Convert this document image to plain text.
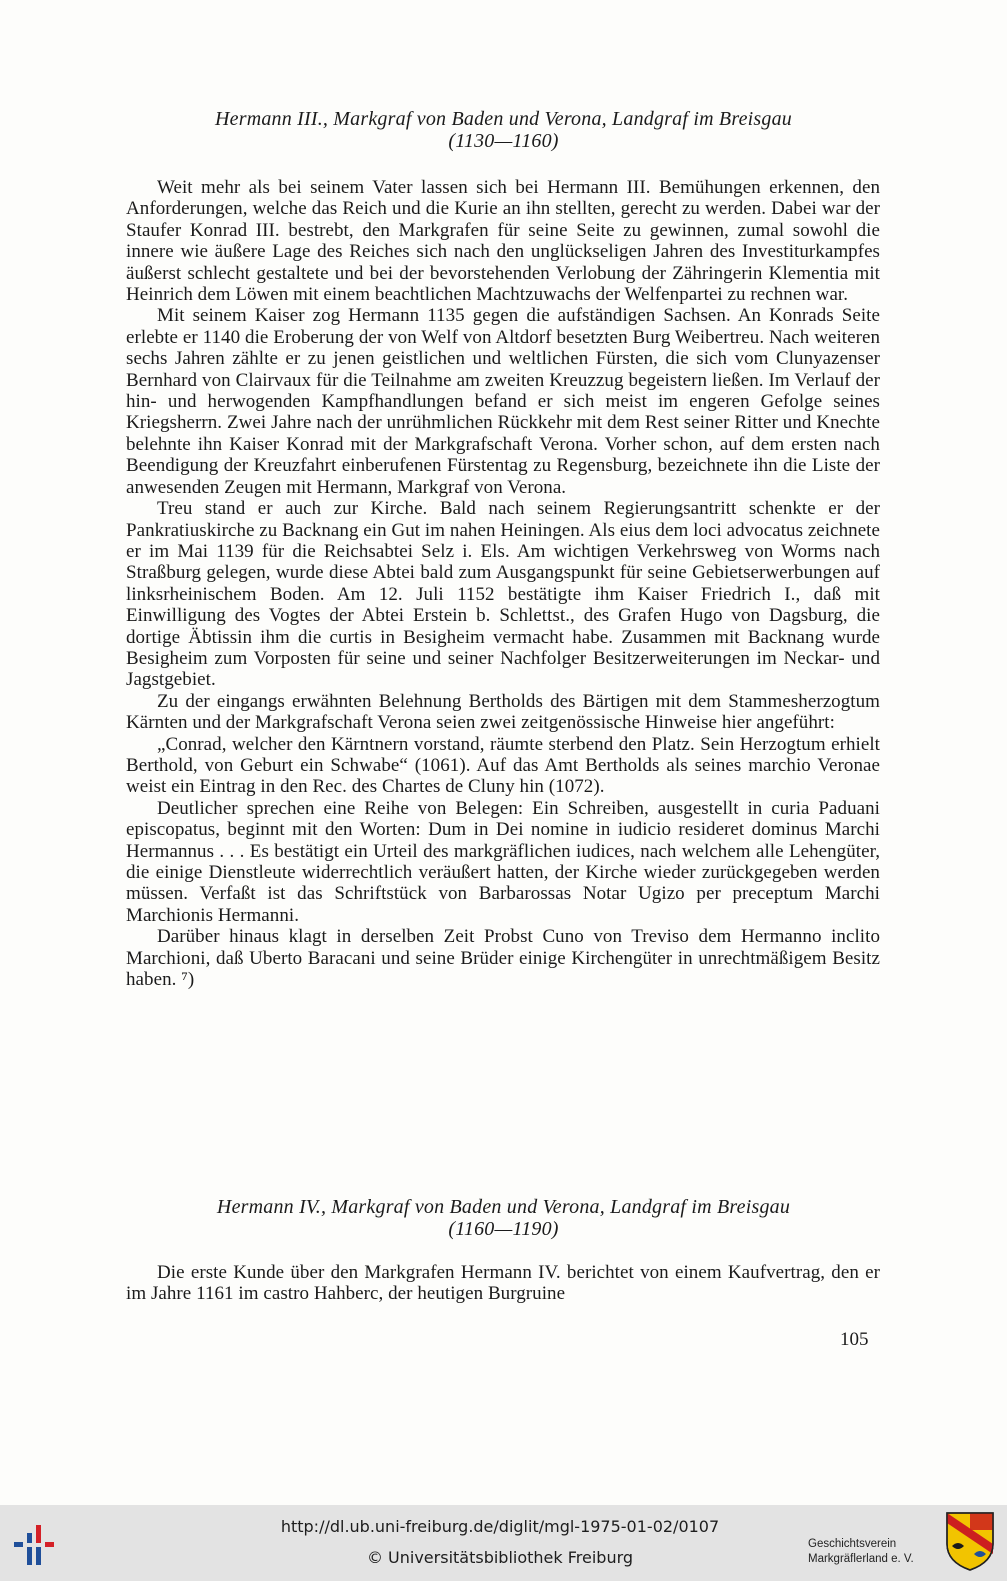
Hermann III., Markgraf von Baden und Verona, Landgraf im Breisgau
(1130—1160)

Weit mehr als bei seinem Vater lassen sich bei Hermann III. Bemühungen erkennen, den Anforderungen, welche das Reich und die Kurie an ihn stellten, gerecht zu werden. Dabei war der Staufer Konrad III. bestrebt, den Markgrafen für seine Seite zu gewinnen, zumal sowohl die innere wie äußere Lage des Reiches sich nach den unglückseligen Jahren des Investiturkampfes äußerst schlecht gestaltete und bei der bevorstehenden Verlobung der Zähringerin Klementia mit Heinrich dem Löwen mit einem beachtlichen Machtzuwachs der Welfenpartei zu rechnen war.

Mit seinem Kaiser zog Hermann 1135 gegen die aufständigen Sachsen. An Konrads Seite erlebte er 1140 die Eroberung der von Welf von Altdorf besetzten Burg Weibertreu. Nach weiteren sechs Jahren zählte er zu jenen geistlichen und weltlichen Fürsten, die sich vom Clunyazenser Bernhard von Clairvaux für die Teilnahme am zweiten Kreuzzug begeistern ließen. Im Verlauf der hin- und herwogenden Kampfhandlungen befand er sich meist im engeren Gefolge seines Kriegsherrn. Zwei Jahre nach der unrühmlichen Rückkehr mit dem Rest seiner Ritter und Knechte belehnte ihn Kaiser Konrad mit der Markgrafschaft Verona. Vorher schon, auf dem ersten nach Beendigung der Kreuzfahrt einberufenen Fürstentag zu Regensburg, bezeichnete ihn die Liste der anwesenden Zeugen mit Hermann, Markgraf von Verona.

Treu stand er auch zur Kirche. Bald nach seinem Regierungsantritt schenkte er der Pankratiuskirche zu Backnang ein Gut im nahen Heiningen. Als eius dem loci advocatus zeichnete er im Mai 1139 für die Reichsabtei Selz i. Els. Am wichtigen Verkehrsweg von Worms nach Straßburg gelegen, wurde diese Abtei bald zum Ausgangspunkt für seine Gebietserwerbungen auf linksrheinischem Boden. Am 12. Juli 1152 bestätigte ihm Kaiser Friedrich I., daß mit Einwilligung des Vogtes der Abtei Erstein b. Schlettst., des Grafen Hugo von Dagsburg, die dortige Äbtissin ihm die curtis in Besigheim vermacht habe. Zusammen mit Backnang wurde Besigheim zum Vorposten für seine und seiner Nachfolger Besitzerweiterungen im Neckar- und Jagstgebiet.

Zu der eingangs erwähnten Belehnung Bertholds des Bärtigen mit dem Stammesherzogtum Kärnten und der Markgrafschaft Verona seien zwei zeitgenössische Hinweise hier angeführt:

„Conrad, welcher den Kärntnern vorstand, räumte sterbend den Platz. Sein Herzogtum erhielt Berthold, von Geburt ein Schwabe“ (1061). Auf das Amt Bertholds als seines marchio Veronae weist ein Eintrag in den Rec. des Chartes de Cluny hin (1072).

Deutlicher sprechen eine Reihe von Belegen: Ein Schreiben, ausgestellt in curia Paduani episcopatus, beginnt mit den Worten: Dum in Dei nomine in iudicio resideret dominus Marchi Hermannus . . . Es bestätigt ein Urteil des markgräflichen iudices, nach welchem alle Lehengüter, die einige Dienstleute widerrechtlich veräußert hatten, der Kirche wieder zurückgegeben werden müssen. Verfaßt ist das Schriftstück von Barbarossas Notar Ugizo per preceptum Marchi Marchionis Hermanni.

Darüber hinaus klagt in derselben Zeit Probst Cuno von Treviso dem Hermanno inclito Marchioni, daß Uberto Baracani und seine Brüder einige Kirchengüter in unrechtmäßigem Besitz haben. ⁷)

Hermann IV., Markgraf von Baden und Verona, Landgraf im Breisgau
(1160—1190)

Die erste Kunde über den Markgrafen Hermann IV. berichtet von einem Kaufvertrag, den er im Jahre 1161 im castro Hahberc, der heutigen Burgruine

105
http://dl.ub.uni-freiburg.de/diglit/mgl-1975-01-02/0107
© Universitätsbibliothek Freiburg
Geschichtsverein
Markgräflerland e. V.
